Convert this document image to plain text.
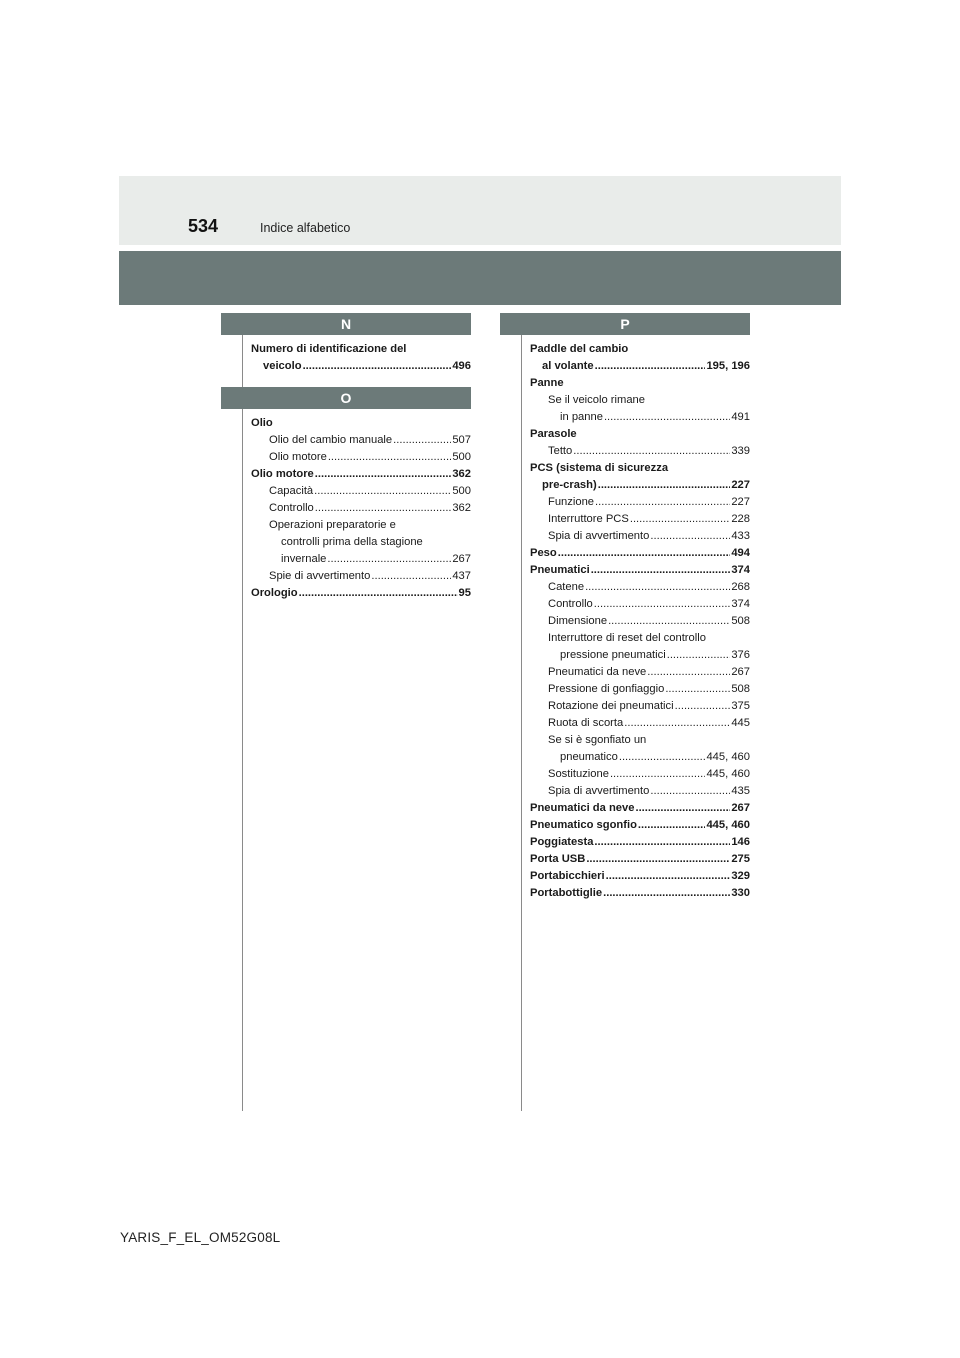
534	Indice alfabetico
N
Numero di identificazione del
veicolo .....	496
O
Olio
Olio del cambio manuale .....	507
Olio motore .....	500
Olio motore .....	362
Capacità .....	500
Controllo .....	362
Operazioni preparatorie e
controlli prima della stagione
invernale .....	267
Spie di avvertimento .....	437
Orologio .....	95
P
Paddle del cambio
al volante .....	195, 196
Panne
Se il veicolo rimane
in panne .....	491
Parasole
Tetto .....	339
PCS (sistema di sicurezza
pre-crash) .....	227
Funzione .....	227
Interruttore PCS .....	228
Spia di avvertimento .....	433
Peso .....	494
Pneumatici .....	374
Catene .....	268
Controllo .....	374
Dimensione .....	508
Interruttore di reset del controllo
pressione pneumatici .....	376
Pneumatici da neve .....	267
Pressione di gonfiaggio .....	508
Rotazione dei pneumatici .....	375
Ruota di scorta .....	445
Se si è sgonfiato un
pneumatico .....	445, 460
Sostituzione .....	445, 460
Spia di avvertimento .....	435
Pneumatici da neve .....	267
Pneumatico sgonfio .....	445, 460
Poggiatesta .....	146
Porta USB .....	275
Portabicchieri .....	329
Portabottiglie .....	330
YARIS_F_EL_OM52G08L
